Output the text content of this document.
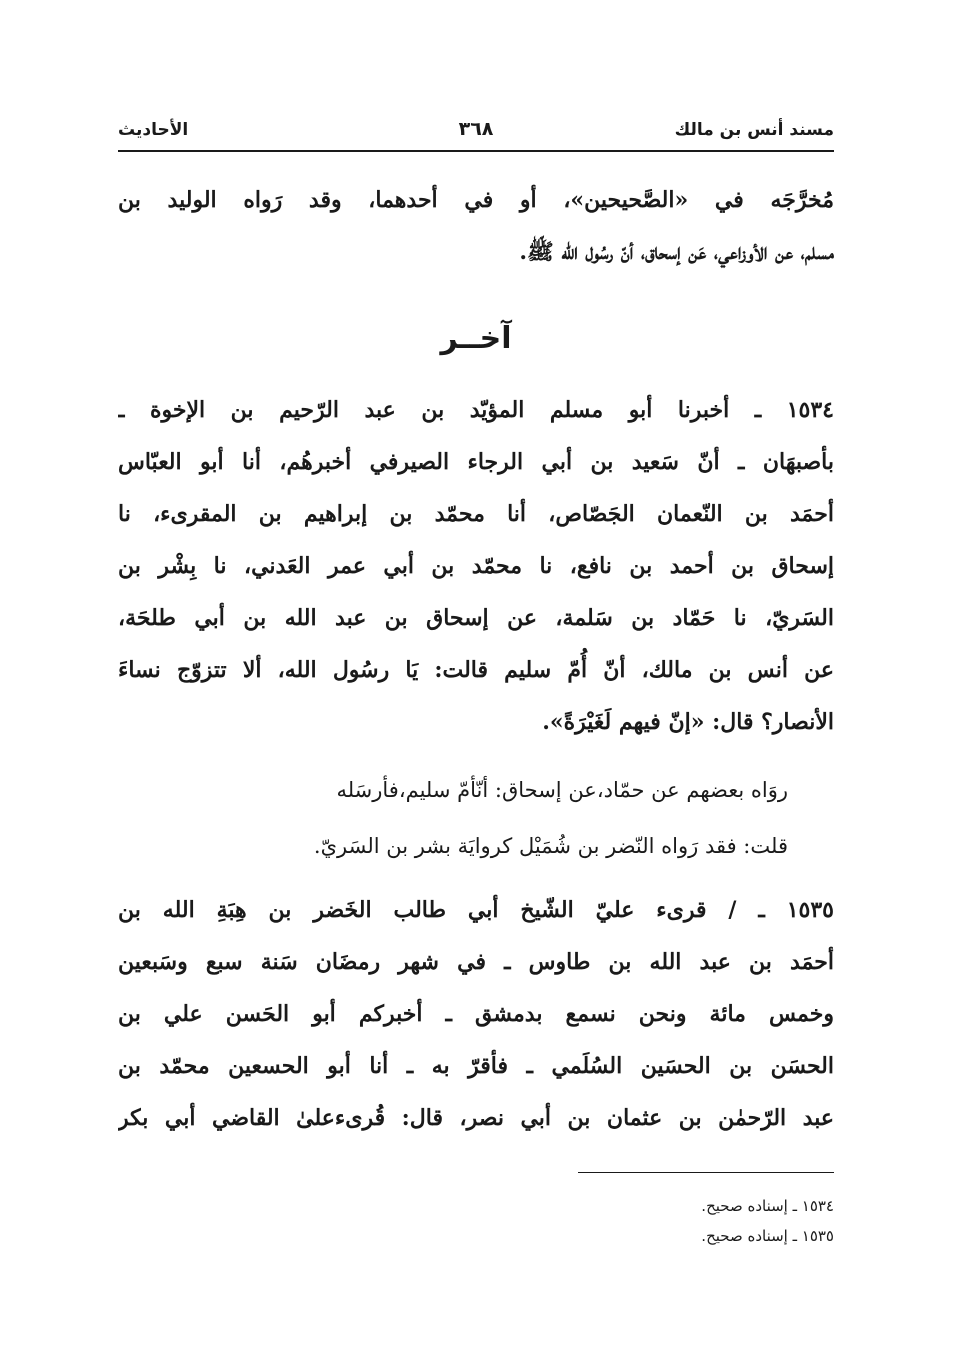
مسند أنس بن مالك
٣٦٨
الأحاديث
مُخرَّجَه في «الصَّحيحين»، أو في أحدهما، وقد رَواه الوليد بن
مسلم، عن الأوزاعي، عَن إسحاق، أنّ رسُول الله ﷺ.
آخــر
١٥٣٤ ـ أخبرنا أبو مسلم المؤيّد بن عبد الرّحيم بن الإخوة ـ
بأصبهَان ـ أنّ سَعيد بن أبي الرجاء الصيرفي أخبرهُم، أنا أبو العبّاس
أحمَد بن النّعمان الجَصّاص، أنا محمّد بن إبراهيم بن المقرىء، نا
إسحاق بن أحمد بن نافع، نا محمّد بن أبي عمر العَدني، نا بِشْر بن
السَريّ، نا حَمّاد بن سَلمة، عن إسحاق بن عبد الله بن أبي طلحَة،
عن أنس بن مالك، أنّ أُمّ سليم قالت: يَا رسُول الله، ألا تتزوّج نساءَ
الأنصار؟ قال: «إنّ فيهم لَغَيْرَةً».
روَاه بعضهم عن حمّاد،عن إسحاق: أنّأمّ سليم،فأرسَله
قلت: فقد رَواه النّضر بن شُمَيْل كروايَة بشر بن السَريّ.
١٥٣٥ ـ / قرىء عليّ الشّيخ أبي طالب الخَضر بن هِبَةِ الله بن
أحمَد بن عبد الله بن طاوس ـ في شهر رمضَان سَنة سبع وسَبعين
وخمس مائة ونحن نسمع بدمشق ـ أخبركم أبو الحَسن علي بن
الحسَن بن الحسَين السُلَمي ـ فأقرّ به ـ أنا أبو الحسعين محمّد بن
عبد الرّحمٰن بن عثمان بن أبي نصر، قال: قُرىءعلىٰ القاضي أبي بكر
١٥٣٤ ـ إسناده صحيح.
١٥٣٥ ـ إسناده صحيح.
